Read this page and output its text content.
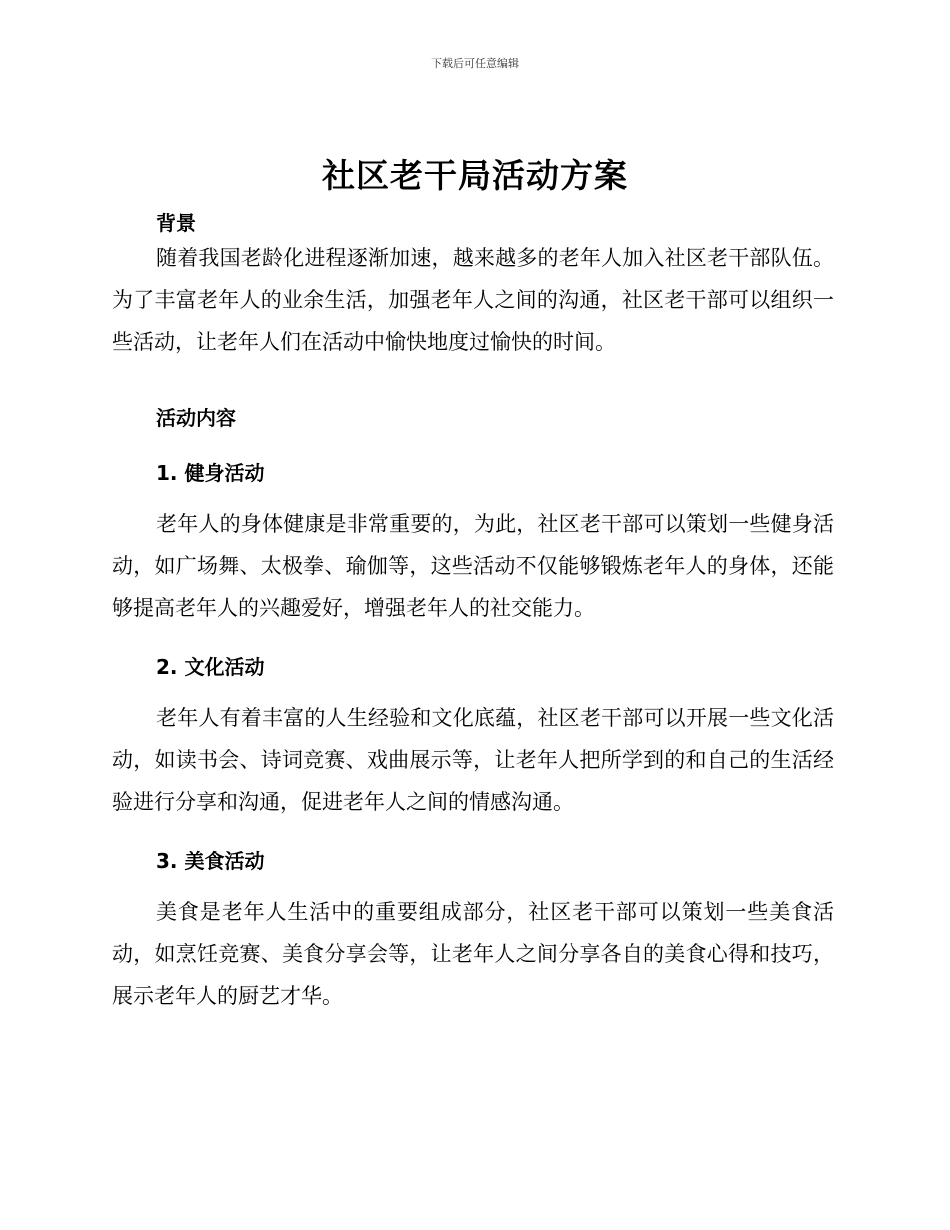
下载后可任意编辑
社区老干局活动方案
背景

随着我国老龄化进程逐渐加速，越来越多的老年人加入社区老干部队伍。为了丰富老年人的业余生活，加强老年人之间的沟通，社区老干部可以组织一些活动，让老年人们在活动中愉快地度过愉快的时间。

活动内容
1. 健身活动

老年人的身体健康是非常重要的，为此，社区老干部可以策划一些健身活动，如广场舞、太极拳、瑜伽等，这些活动不仅能够锻炼老年人的身体，还能够提高老年人的兴趣爱好，增强老年人的社交能力。

2. 文化活动

老年人有着丰富的人生经验和文化底蕴，社区老干部可以开展一些文化活动，如读书会、诗词竞赛、戏曲展示等，让老年人把所学到的和自己的生活经验进行分享和沟通，促进老年人之间的情感沟通。

3. 美食活动

美食是老年人生活中的重要组成部分，社区老干部可以策划一些美食活动，如烹饪竞赛、美食分享会等，让老年人之间分享各自的美食心得和技巧，展示老年人的厨艺才华。
